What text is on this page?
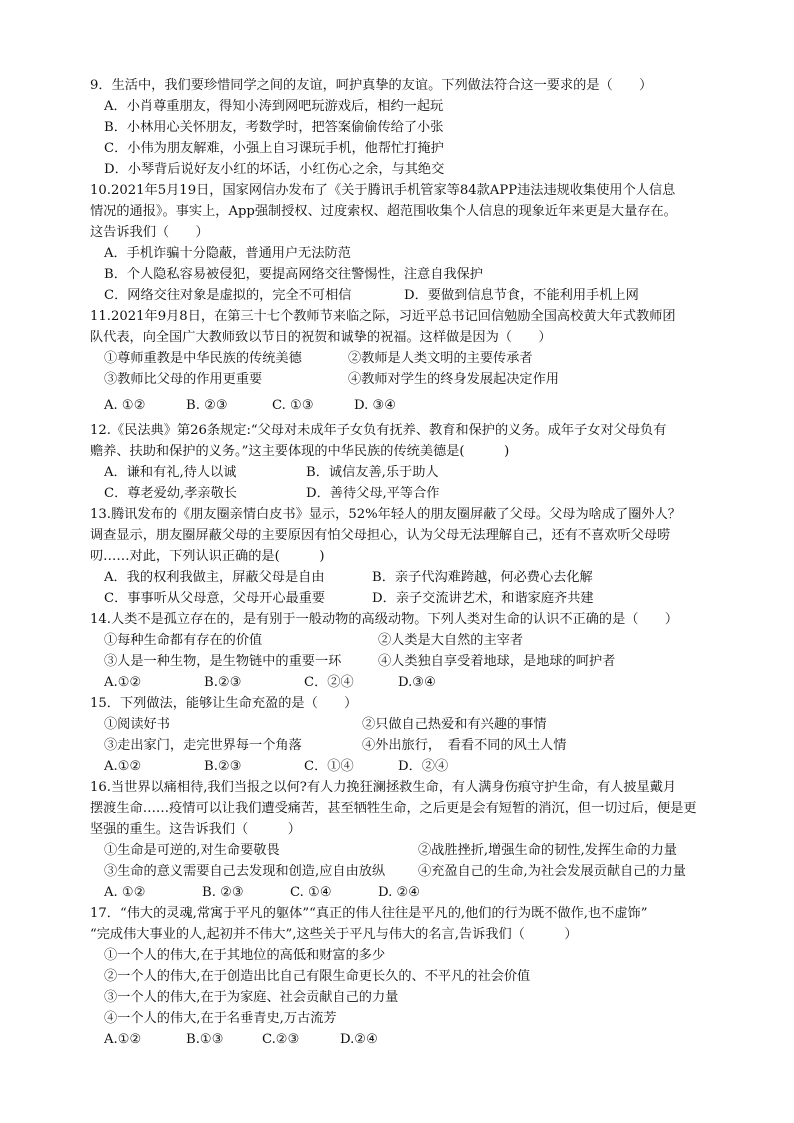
9．生活中，我们要珍惜同学之间的友谊，呵护真挚的友谊。下列做法符合这一要求的是（　　）
A．小肖尊重朋友，得知小涛到网吧玩游戏后，相约一起玩
B．小林用心关怀朋友，考数学时，把答案偷偷传给了小张
C．小伟为朋友解难，小强上自习课玩手机，他帮忙打掩护
D．小琴背后说好友小红的坏话，小红伤心之余，与其绝交
10.2021年5月19日，国家网信办发布了《关于腾讯手机管家等84款APP违法违规收集使用个人信息
情况的通报》。事实上，App强制授权、过度索权、超范围收集个人信息的现象近年来更是大量存在。
这告诉我们（　　）
A．手机诈骗十分隐蔽，普通用户无法防范
B．个人隐私容易被侵犯，要提高网络交往警惕性，注意自我保护
C．网络交往对象是虚拟的，完全不可相信	D．要做到信息节食，不能利用手机上网
11.2021年9月8日，在第三十七个教师节来临之际，习近平总书记回信勉励全国高校黄大年式教师团
队代表，向全国广大教师致以节日的祝贺和诚挚的祝福。这样做是因为（　　）
①尊师重教是中华民族的传统美德	②教师是人类文明的主要传承者
③教师比父母的作用更重要	④教师对学生的终身发展起决定作用
A. ①②	B. ②③	C. ①③	D. ③④
12.《民法典》第26条规定:“父母对未成年子女负有抚养、教育和保护的义务。成年子女对父母负有
赡养、扶助和保护的义务。”这主要体现的中华民族的传统美德是(　　　)
A．谦和有礼,待人以诚	B．诚信友善,乐于助人
C．尊老爱幼,孝亲敬长	D．善待父母,平等合作
13.腾讯发布的《朋友圈亲情白皮书》显示，52%年轻人的朋友圈屏蔽了父母。父母为啥成了圈外人？
调查显示，朋友圈屏蔽父母的主要原因有怕父母担心，认为父母无法理解自己，还有不喜欢听父母唠
叨……对此，下列认识正确的是(　　　)
A．我的权利我做主，屏蔽父母是自由	B．亲子代沟难跨越，何必费心去化解
C．事事听从父母意，父母开心最重要	D．亲子交流讲艺术，和谐家庭齐共建
14.人类不是孤立存在的，是有别于一般动物的高级动物。下列人类对生命的认识不正确的是（　　）
①每种生命都有存在的价值	②人类是大自然的主宰者
③人是一种生物，是生物链中的重要一环	④人类独自享受着地球，是地球的呵护者
A.①②	B.②③	C．②④	D.③④
15．下列做法，能够让生命充盈的是（　　）
①阅读好书	②只做自己热爱和有兴趣的事情
③走出家门，走完世界每一个角落	④外出旅行，　看看不同的风土人情
A.①②	B.②③	C．①④	D．②④
16.当世界以痛相待,我们当报之以何?有人力挽狂澜拯救生命，有人满身伤痕守护生命，有人披星戴月
摆渡生命……疫情可以让我们遭受痛苦，甚至牺牲生命，之后更是会有短暂的消沉，但一切过后，便是更
坚强的重生。这告诉我们（　　　）
①生命是可逆的,对生命要敬畏	②战胜挫折,增强生命的韧性,发挥生命的力量
③生命的意义需要自己去发现和创造,应自由放纵 ④充盈自己的生命,为社会发展贡献自己的力量
A. ①②	B. ②③	C. ①④	D. ②④
17．“伟大的灵魂,常寓于平凡的躯体”“真正的伟人往往是平凡的,他们的行为既不做作,也不虚饰”
“完成伟大事业的人,起初并不伟大”,这些关于平凡与伟大的名言,告诉我们（　　　）
①一个人的伟大,在于其地位的高低和财富的多少
②一个人的伟大,在于创造出比自己有限生命更长久的、不平凡的社会价值
③一个人的伟大,在于为家庭、社会贡献自己的力量
④一个人的伟大,在于名垂青史,万古流芳
A.①②	B.①③	C.②③	D.②④
